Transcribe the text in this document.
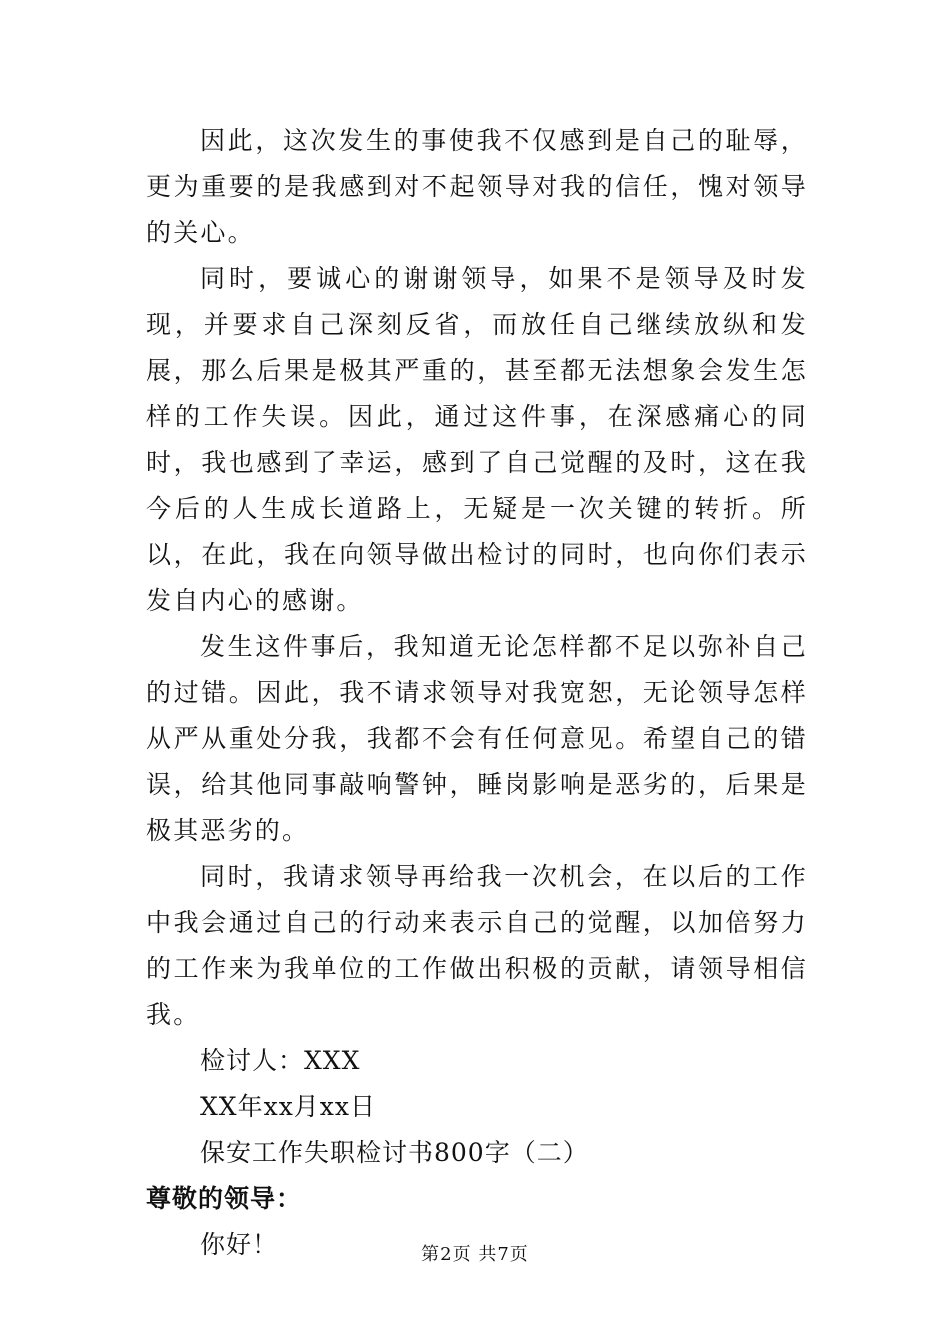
因此，这次发生的事使我不仅感到是自己的耻辱，更为重要的是我感到对不起领导对我的信任，愧对领导的关心。

同时，要诚心的谢谢领导，如果不是领导及时发现，并要求自己深刻反省，而放任自己继续放纵和发展，那么后果是极其严重的，甚至都无法想象会发生怎样的工作失误。因此，通过这件事，在深感痛心的同时，我也感到了幸运，感到了自己觉醒的及时，这在我今后的人生成长道路上，无疑是一次关键的转折。所以，在此，我在向领导做出检讨的同时，也向你们表示发自内心的感谢。

发生这件事后，我知道无论怎样都不足以弥补自己的过错。因此，我不请求领导对我宽恕，无论领导怎样从严从重处分我，我都不会有任何意见。希望自己的错误，给其他同事敲响警钟，睡岗影响是恶劣的，后果是极其恶劣的。

同时，我请求领导再给我一次机会，在以后的工作中我会通过自己的行动来表示自己的觉醒，以加倍努力的工作来为我单位的工作做出积极的贡献，请领导相信我。

检讨人：XXX

XX年xx月xx日

保安工作失职检讨书800字（二）

尊敬的领导：

你好！	第2页 共7页
